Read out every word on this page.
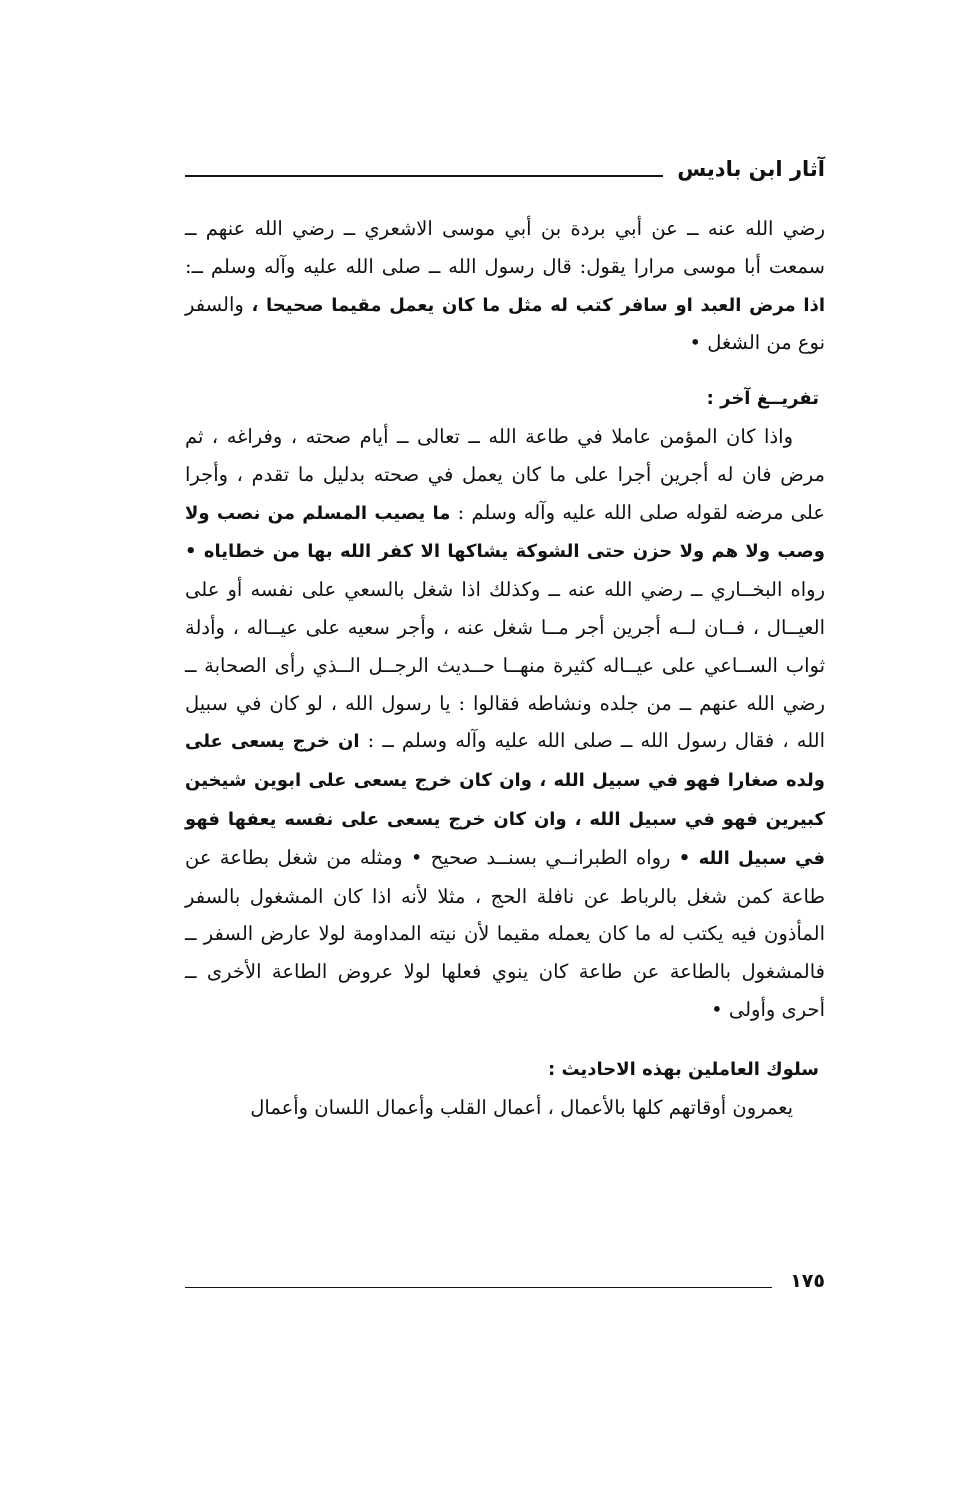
آثار ابن باديس

رضي الله عنه ــ عن أبي بردة بن أبي موسى الاشعري ــ رضي الله عنهم ــ سمعت أبا موسى مرارا يقول: قال رسول الله ــ صلى الله عليه وآله وسلم ــ: اذا مرض العبد او سافر كتب له مثل ما كان يعمل مقيما صحيحا ، والسفر نوع من الشغل •

تفريــغ آخر :

واذا كان المؤمن عاملا في طاعة الله ــ تعالى ــ أيام صحته ، وفراغه ، ثم مرض فان له أجرين أجرا على ما كان يعمل في صحته بدليل ما تقدم ، وأجرا على مرضه لقوله صلى الله عليه وآله وسلم : ما يصيب المسلم من نصب ولا وصب ولا هم ولا حزن حتى الشوكة يشاكها الا كفر الله بها من خطاياه • رواه البخــاري ــ رضي الله عنه ــ وكذلك اذا شغل بالسعي على نفسه أو على العيــال ، فــان لــه أجرين أجر مــا شغل عنه ، وأجر سعيه على عيــاله ، وأدلة ثواب الســاعي على عيــاله كثيرة منهــا حــديث الرجــل الــذي رأى الصحابة ــ رضي الله عنهم ــ من جلده ونشاطه فقالوا : يا رسول الله ، لو كان في سبيل الله ، فقال رسول الله ــ صلى الله عليه وآله وسلم ــ : ان خرج يسعى على ولده صغارا فهو في سبيل الله ، وان كان خرج يسعى على ابوين شيخين كبيرين فهو في سبيل الله ، وان كان خرج يسعى على نفسه يعفها فهو في سبيل الله • رواه الطبرانــي بسنــد صحيح • ومثله من شغل بطاعة عن طاعة كمن شغل بالرباط عن نافلة الحج ، مثلا لأنه اذا كان المشغول بالسفر المأذون فيه يكتب له ما كان يعمله مقيما لأن نيته المداومة لولا عارض السفر ــ فالمشغول بالطاعة عن طاعة كان ينوي فعلها لولا عروض الطاعة الأخرى ــ أحرى وأولى •

سلوك العاملين بهذه الاحاديث :

يعمرون أوقاتهم كلها بالأعمال ، أعمال القلب وأعمال اللسان وأعمال

١٧٥
